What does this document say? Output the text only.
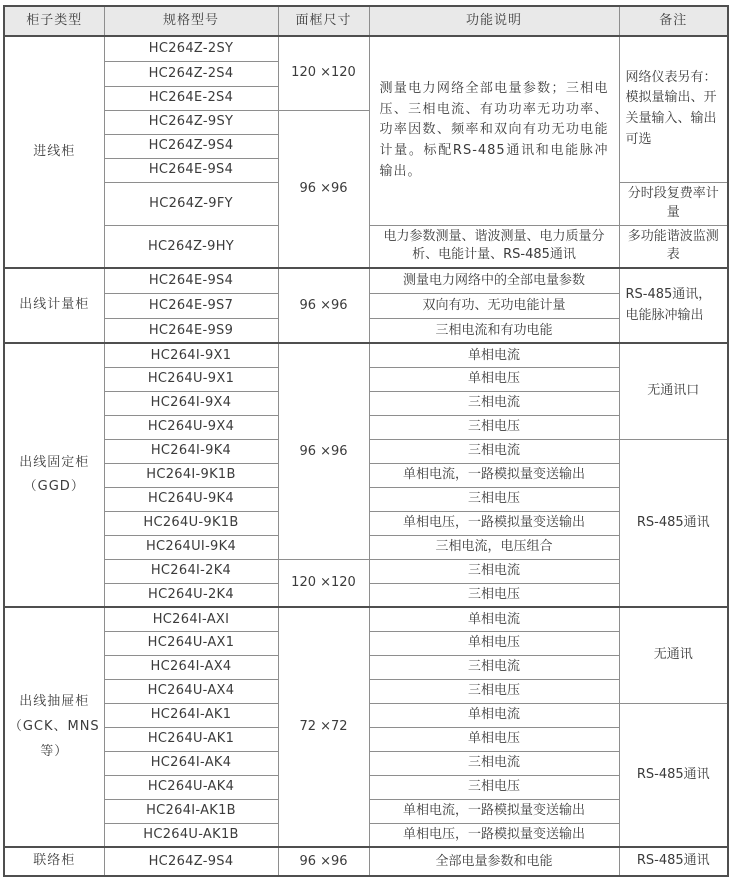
柜子类型	规格型号	面框尺寸	功能说明	备注
进线柜	HC264Z-2SY	120 ×120	测量电力网络全部电量参数；三相电压、三相电流、有功功率无功功率、功率因数、频率和双向有功无功电能计量。标配RS-485通讯和电能脉冲输出。	网络仪表另有：模拟量输出、开关量输入、输出可选
	HC264Z-2S4			
	HC264E-2S4			
	HC264Z-9SY	96 ×96		
	HC264Z-9S4			
	HC264E-9S4			
	HC264Z-9FY			分时段复费率计量
	HC264Z-9HY		电力参数测量、谐波测量、电力质量分析、电能计量、RS-485通讯	多功能谐波监测表
出线计量柜	HC264E-9S4	96 ×96	测量电力网络中的全部电量参数	RS-485通讯，电能脉冲输出
	HC264E-9S7		双向有功、无功电能计量	
	HC264E-9S9		三相电流和有功电能	

出线固定柜
（GGD）	HC264I-9X1	96 ×96	单相电流	无通讯口
	HC264U-9X1		单相电压	
	HC264I-9X4		三相电流	
	HC264U-9X4		三相电压	
	HC264I-9K4		三相电流	RS-485通讯
	HC264I-9K1B		单相电流，一路模拟量变送输出	
	HC264U-9K4		三相电压	
	HC264U-9K1B		单相电压，一路模拟量变送输出	
	HC264UI-9K4		三相电流，电压组合	
	HC264I-2K4	120 ×120	三相电流	
	HC264U-2K4		三相电压	

出线抽屉柜
（GCK、MNS等）	HC264I-AXI	72 ×72	单相电流	无通讯
	HC264U-AX1		单相电压	
	HC264I-AX4		三相电流	
	HC264U-AX4		三相电压	
	HC264I-AK1		单相电流	RS-485通讯
	HC264U-AK1		单相电压	
	HC264I-AK4		三相电流	
	HC264U-AK4		三相电压	
	HC264I-AK1B		单相电流，一路模拟量变送输出	
	HC264U-AK1B		单相电压，一路模拟量变送输出	
联络柜	HC264Z-9S4	96 ×96	全部电量参数和电能	RS-485通讯
